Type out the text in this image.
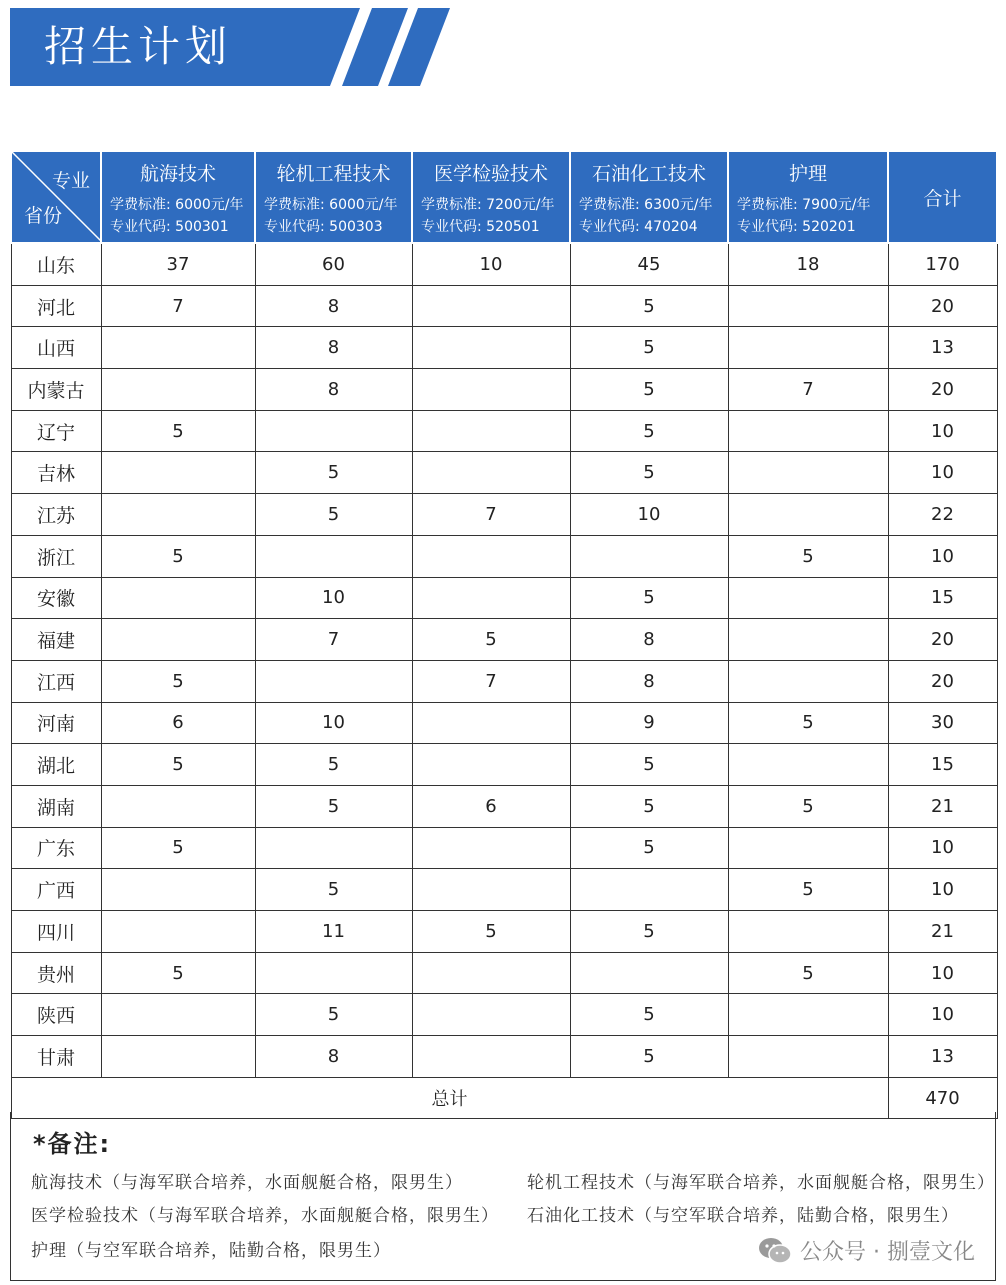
招生计划
专业
省份	航海技术
学费标准: 6000元/年
专业代码: 500301	轮机工程技术
学费标准: 6000元/年
专业代码: 500303	医学检验技术
学费标准: 7200元/年
专业代码: 520501	石油化工技术
学费标准: 6300元/年
专业代码: 470204	护理
学费标准: 7900元/年
专业代码: 520201	合计
山东	37	60	10	45	18	170
河北	7	8		5		20
山西		8		5		13
内蒙古		8		5	7	20
辽宁	5			5		10
吉林		5		5		10
江苏		5	7	10		22
浙江	5				5	10
安徽		10		5		15
福建		7	5	8		20
江西	5		7	8		20
河南	6	10		9	5	30
湖北	5	5		5		15
湖南		5	6	5	5	21
广东	5			5		10
广西		5			5	10
四川		11	5	5		21
贵州	5				5	10
陕西		5		5		10
甘肃		8		5		13
总计						470
*备注:
航海技术（与海军联合培养，水面舰艇合格，限男生）	轮机工程技术（与海军联合培养，水面舰艇合格，限男生）
医学检验技术（与海军联合培养，水面舰艇合格，限男生） 石油化工技术（与空军联合培养，陆勤合格，限男生）
护理（与空军联合培养，陆勤合格，限男生）	公众号 · 捌壹文化
